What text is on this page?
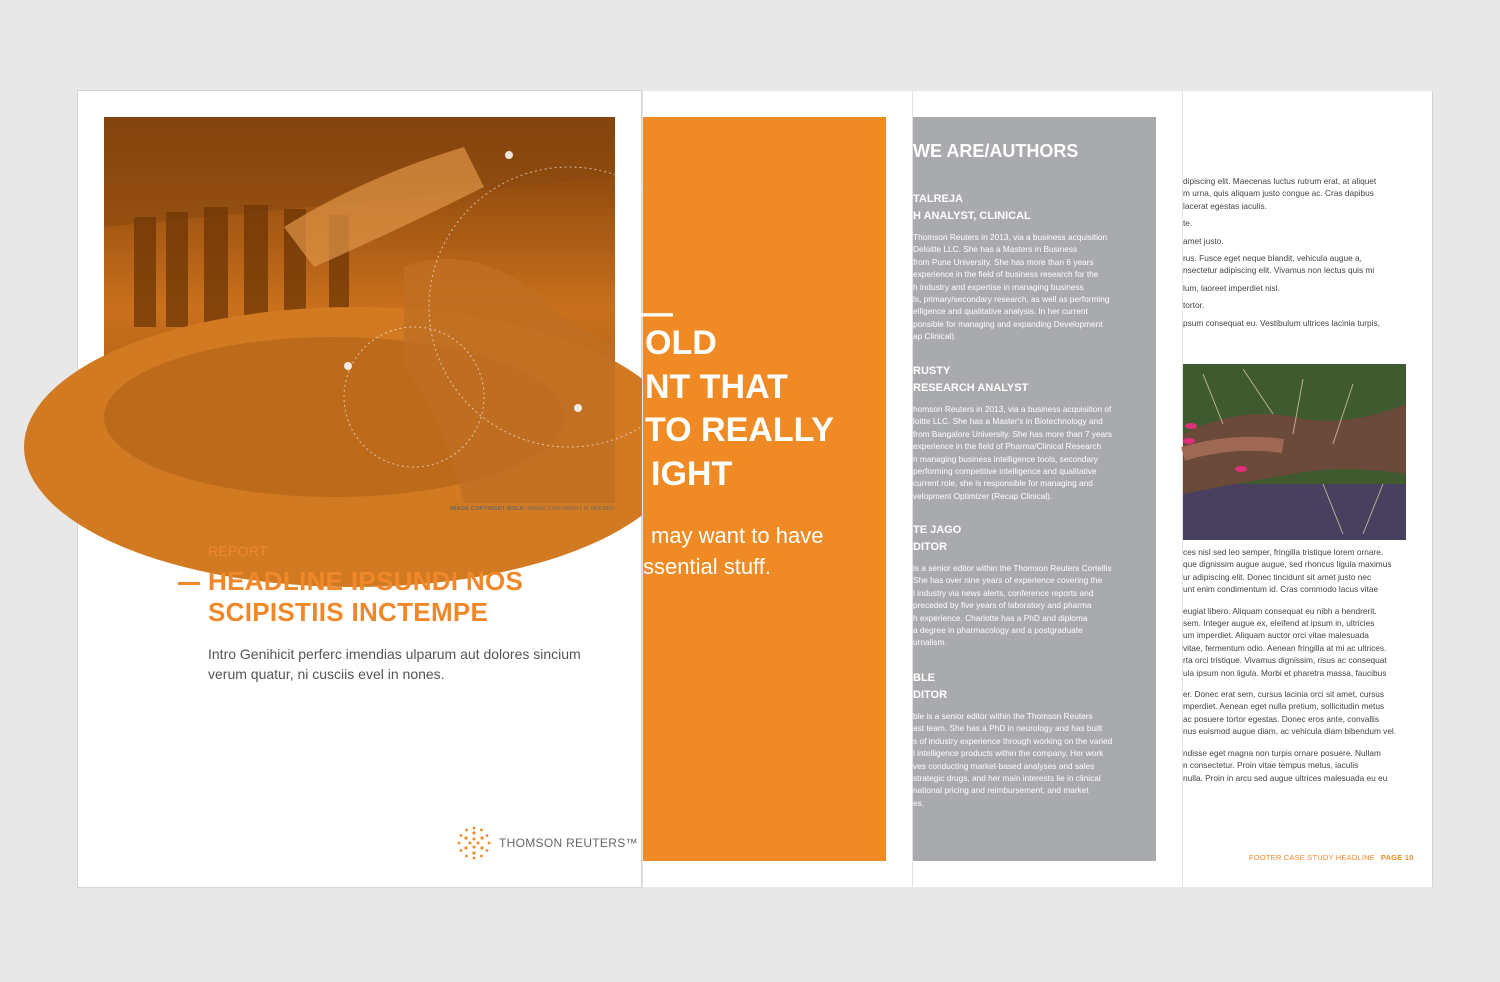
IMAGE COPYRIGHT BOLD: IMAGE COPYRIGHT IF NEEDED
REPORT
HEADLINE IPSUNDI NOS
SCIPISTIIS INCTEMPE
Intro Genihicit perferc imendias ulparum aut dolores sincium
verum quatur, ni cusciis evel in nones.
THOMSON REUTERS™
—
OLD
NT THAT
TO REALLY
IGHT
may want to have
ssential stuff.
WE ARE/AUTHORS
TALREJA
H ANALYST, CLINICAL
Thomson Reuters in 2013, via a business acquisition
Deloitte LLC. She has a Masters in Business
from Pune University. She has more than 6 years
experience in the field of business research for the
h industry and expertise in managing business
ls, primary/secondary research, as well as performing
elligence and qualitative analysis. In her current
ponsible for managing and expanding Development
ap Clinical).
RUSTY
RESEARCH ANALYST
homson Reuters in 2013, via a business acquisition of
loitte LLC. She has a Master's in Biotechnology and
from Bangalore University. She has more than 7 years
experience in the field of Pharma/Clinical Research
n managing business intelligence tools, secondary
performing competitive intelligence and qualitative
current role, she is responsible for managing and
velopment Optimizer (Recap Clinical).
TE JAGO
DITOR
is a senior editor within the Thomson Reuters Cortellis
She has over nine years of experience covering the
l industry via news alerts, conference reports and
preceded by five years of laboratory and pharma
h experience. Charlotte has a PhD and diploma
a degree in pharmacology and a postgraduate
urnalism.
BLE
DITOR
ble is a senior editor within the Thomson Reuters
ast team. She has a PhD in neurology and has built
s of industry experience through working on the varied
l intelligence products within the company. Her work
ves conducting market-based analyses and sales
strategic drugs, and her main interests lie in clinical
national pricing and reimbursement, and market
es.

dipiscing elit. Maecenas luctus rutrum erat, at aliquet

m urna, quis aliquam justo congue ac. Cras dapibus

lacerat egestas iaculis.

te.

amet justo.

rus. Fusce eget neque blandit, vehicula augue a,

nsectetur adipiscing elit. Vivamus non lectus quis mi

lum, laoreet imperdiet nisl.

tortor.

psum consequat eu. Vestibulum ultrices lacinia turpis,

ces nisl sed leo semper, fringilla tristique lorem ornare.

que dignissim augue augue, sed rhoncus ligula maximus

ur adipiscing elit. Donec tincidunt sit amet justo nec

unt enim condimentum id. Cras commodo lacus vitae

eugiat libero. Aliquam consequat eu nibh a hendrerit.

sem. Integer augue ex, eleifend at ipsum in, ultricies

um imperdiet. Aliquam auctor orci vitae malesuada

vitae, fermentum odio. Aenean fringilla at mi ac ultrices.

rta orci tristique. Vivamus dignissim, risus ac consequat

ula ipsum non ligula. Morbi et pharetra massa, faucibus

er. Donec erat sem, cursus lacinia orci sit amet, cursus

mperdiet. Aenean eget nulla pretium, sollicitudin metus

ac posuere tortor egestas. Donec eros ante, convallis

nus euismod augue diam, ac vehicula diam bibendum vel.

ndisse eget magna non turpis ornare posuere. Nullam

n consectetur. Proin vitae tempus metus, iaculis

nulla. Proin in arcu sed augue ultrices malesuada eu eu

FOOTER CASE STUDY HEADLINE PAGE 10
